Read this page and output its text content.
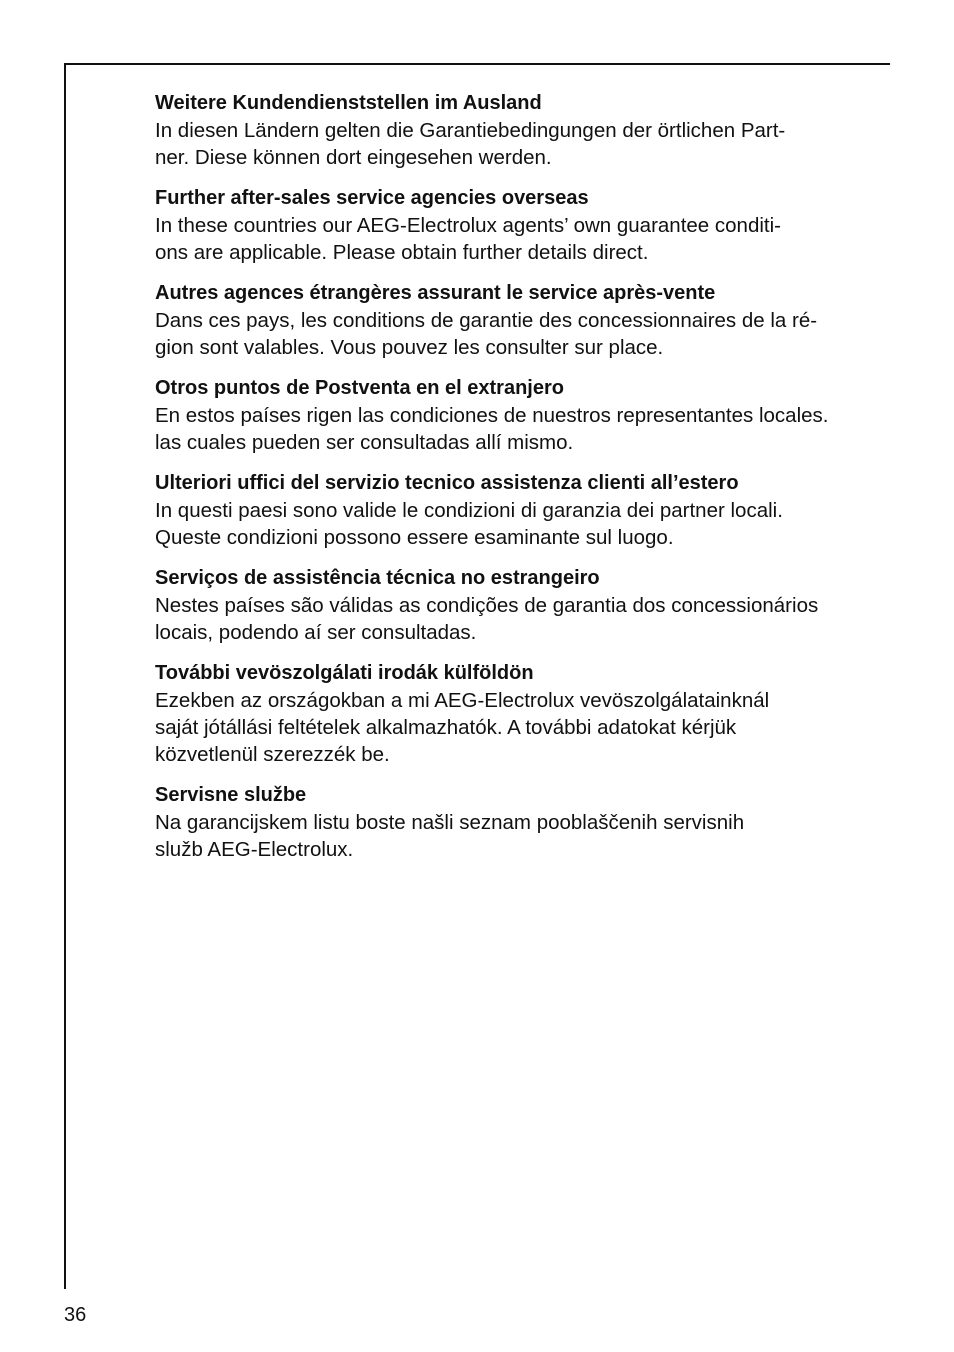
Weitere Kundendienststellen im Ausland
In diesen Ländern gelten die Garantiebedingungen der örtlichen Part-
ner. Diese können dort eingesehen werden.
Further after-sales service agencies overseas
In these countries our AEG-Electrolux agents’ own guarantee conditi-
ons are applicable. Please obtain further details direct.
Autres agences étrangères assurant le service après-vente
Dans ces pays, les conditions de garantie des concessionnaires de la ré-
gion sont valables. Vous pouvez les consulter sur place.
Otros puntos de Postventa en el extranjero
En estos países rigen las condiciones de nuestros representantes locales.
las cuales pueden ser consultadas allí mismo.
Ulteriori uffici del servizio tecnico assistenza clienti all’estero
In questi paesi sono valide le condizioni di garanzia dei partner locali.
Queste condizioni possono essere esaminante sul luogo.
Serviços de assistência técnica no estrangeiro
Nestes países são válidas as condições de garantia dos concessionários
locais, podendo aí ser consultadas.
További vevöszolgálati irodák külföldön
Ezekben az országokban a mi AEG-Electrolux vevöszolgálatainknál
saját jótállási feltételek alkalmazhatók. A további adatokat kérjük
közvetlenül szerezzék be.
Servisne službe
Na garancijskem listu boste našli seznam pooblaščenih servisnih
služb AEG-Electrolux.
36
